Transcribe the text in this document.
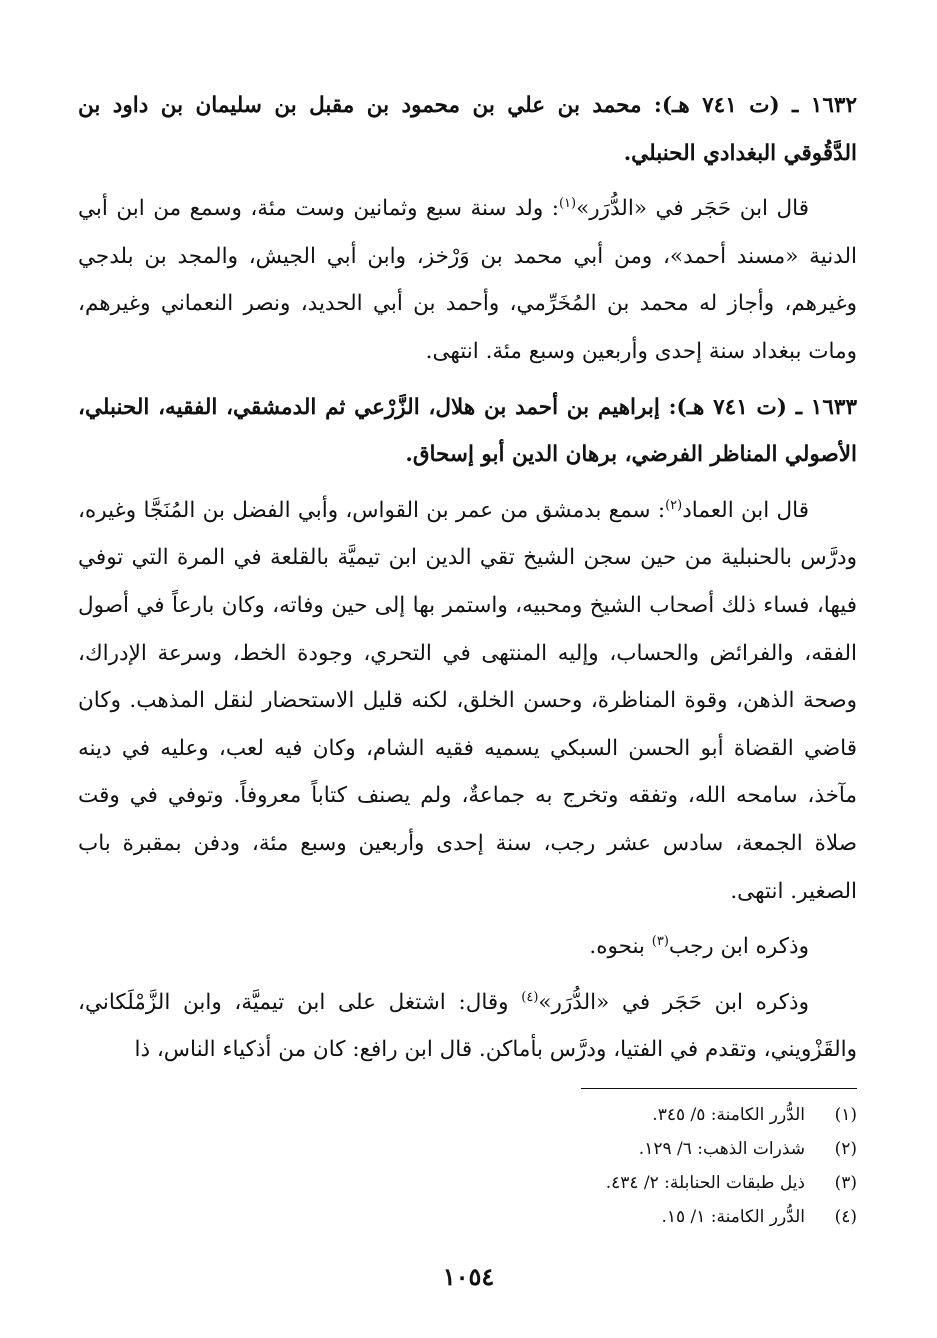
١٦٣٢ ـ (ت ٧٤١ هـ): محمد بن علي بن محمود بن مقبل بن سليمان بن داود بن الدَّقُوقي البغدادي الحنبلي.

قال ابن حَجَر في «الدُّرَر»$^{(١)}$: ولد سنة سبع وثمانين وست مئة، وسمع من ابن أبي الدنية «مسند أحمد»، ومن أبي محمد بن وَرْخز، وابن أبي الجيش، والمجد بن بلدجي وغيرهم، وأجاز له محمد بن المُخَرِّمي، وأحمد بن أبي الحديد، ونصر النعماني وغيرهم، ومات ببغداد سنة إحدى وأربعين وسبع مئة. انتهى.

١٦٣٣ ـ (ت ٧٤١ هـ): إبراهيم بن أحمد بن هلال، الزَّرْعي ثم الدمشقي، الفقيه، الحنبلي، الأصولي المناظر الفرضي، برهان الدين أبو إسحاق.

قال ابن العماد$^{(٢)}$: سمع بدمشق من عمر بن القواس، وأبي الفضل بن المُنَجَّا وغيره، ودرَّس بالحنبلية من حين سجن الشيخ تقي الدين ابن تيميَّة بالقلعة في المرة التي توفي فيها، فساء ذلك أصحاب الشيخ ومحبيه، واستمر بها إلى حين وفاته، وكان بارعاً في أصول الفقه، والفرائض والحساب، وإليه المنتهى في التحري، وجودة الخط، وسرعة الإدراك، وصحة الذهن، وقوة المناظرة، وحسن الخلق، لكنه قليل الاستحضار لنقل المذهب. وكان قاضي القضاة أبو الحسن السبكي يسميه فقيه الشام، وكان فيه لعب، وعليه في دينه مآخذ، سامحه الله، وتفقه وتخرج به جماعةٌ، ولم يصنف كتاباً معروفاً. وتوفي في وقت صلاة الجمعة، سادس عشر رجب، سنة إحدى وأربعين وسبع مئة، ودفن بمقبرة باب الصغير. انتهى.

وذكره ابن رجب$^{(٣)}$ بنحوه.

وذكره ابن حَجَر في «الدُّرَر»$^{(٤)}$ وقال: اشتغل على ابن تيميَّة، وابن الزَّمْلَكاني، والقَزْويني، وتقدم في الفتيا، ودرَّس بأماكن. قال ابن رافع: كان من أذكياء الناس، ذا

(١)
الدُّرر الكامنة: ٥/ ٣٤٥.
(٢)
شذرات الذهب: ٦/ ١٢٩.
(٣)
ذيل طبقات الحنابلة: ٢/ ٤٣٤.
(٤)
الدُّرر الكامنة: ١/ ١٥.
١٠٥٤
